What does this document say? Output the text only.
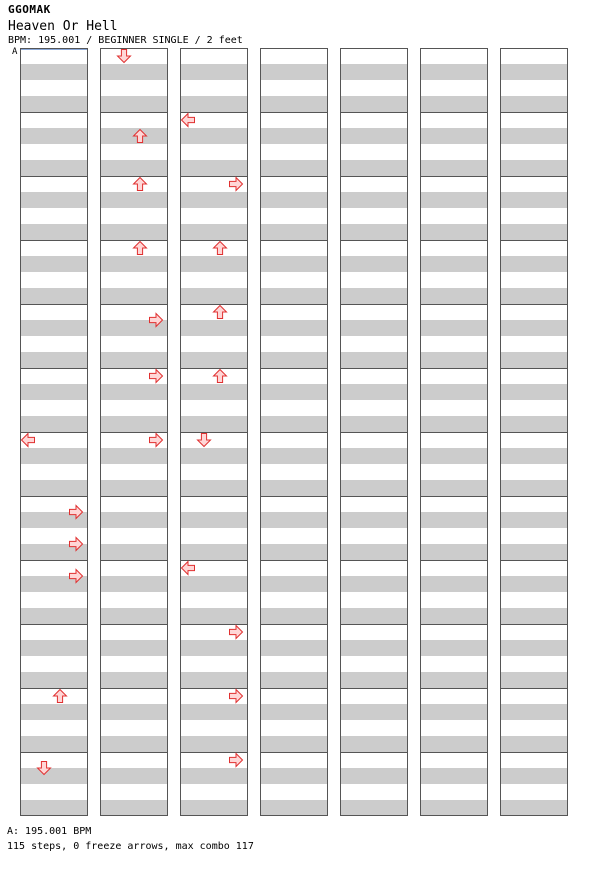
GGOMAK
Heaven Or Hell
BPM: 195.001 / BEGINNER SINGLE / 2 feet
A
A: 195.001 BPM
115 steps, 0 freeze arrows, max combo 117
